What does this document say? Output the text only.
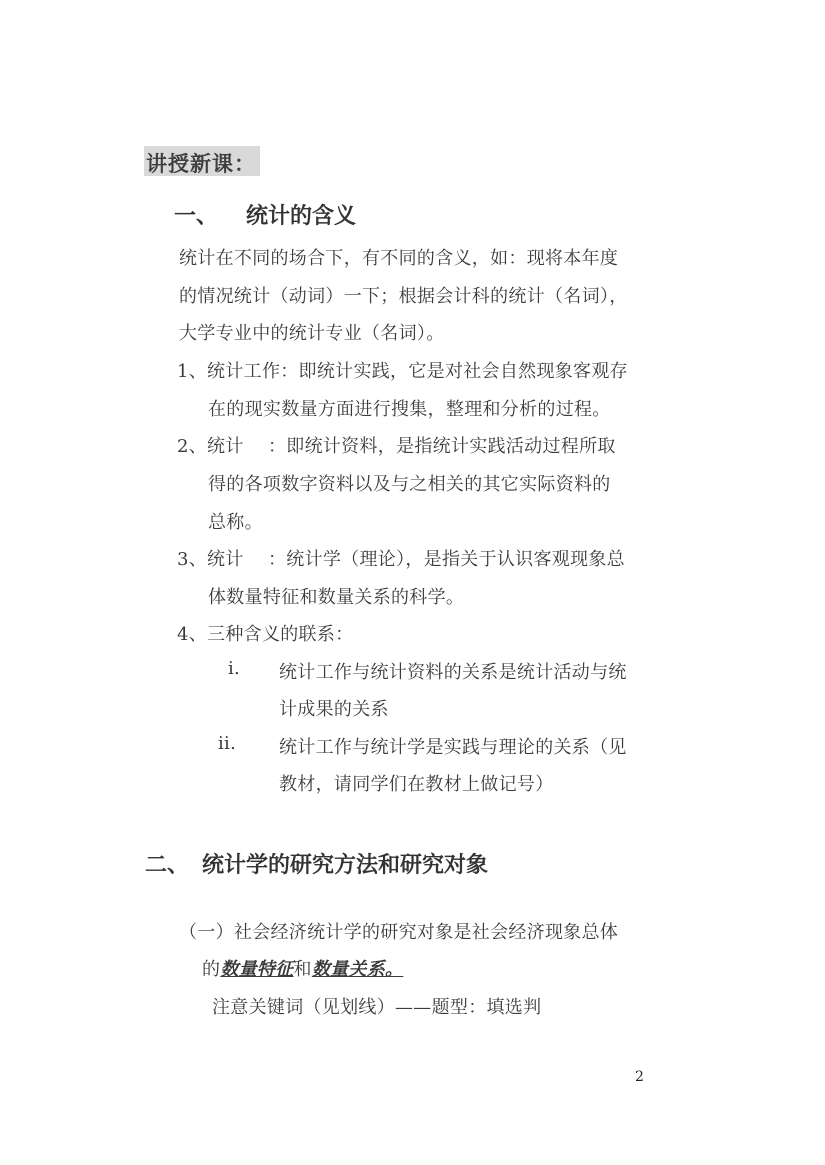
讲授新课：
一、 统计的含义
统计在不同的场合下，有不同的含义，如：现将本年度
的情况统计（动词）一下；根据会计科的统计（名词），
大学专业中的统计专业（名词）。
1、统计工作：即统计实践，它是对社会自然现象客观存
在的现实数量方面进行搜集，整理和分析的过程。
2、统计　 ：即统计资料，是指统计实践活动过程所取
得的各项数字资料以及与之相关的其它实际资料的
总称。
3、统计　 ：统计学（理论），是指关于认识客观现象总
体数量特征和数量关系的科学。
4、三种含义的联系：
i. 统计工作与统计资料的关系是统计活动与统
计成果的关系
ii. 统计工作与统计学是实践与理论的关系（见
教材，请同学们在教材上做记号）
二、 统计学的研究方法和研究对象
（一）社会经济统计学的研究对象是社会经济现象总体
的数量特征和数量关系。
注意关键词（见划线）——题型：填选判
2
